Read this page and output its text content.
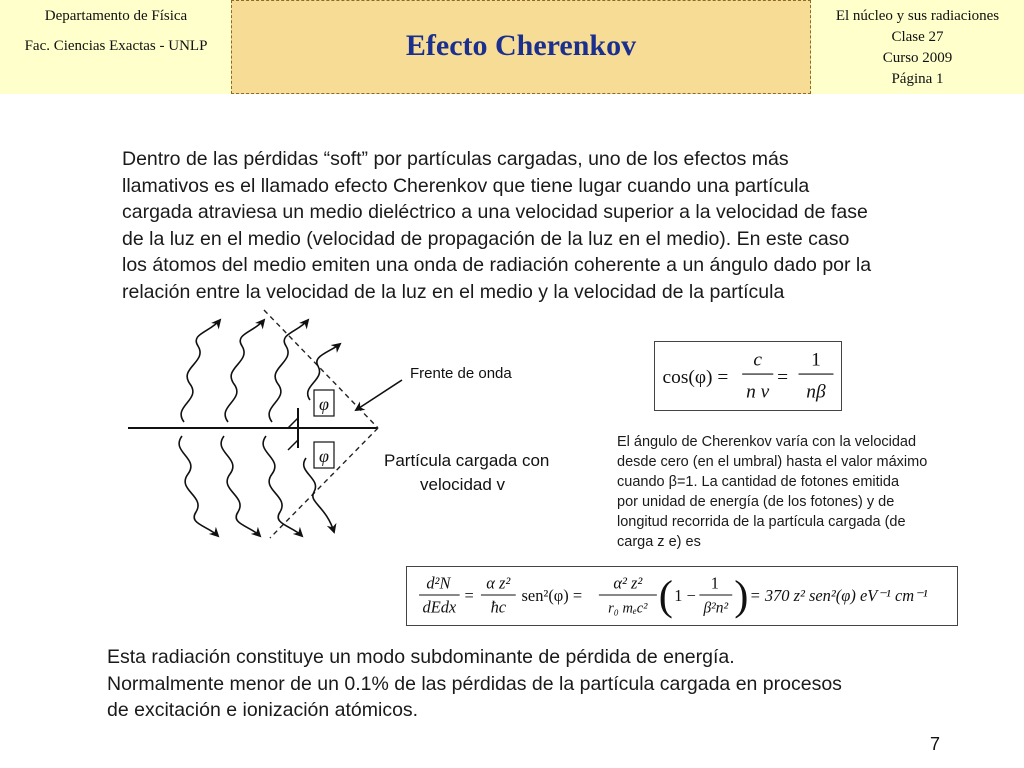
Departamento de Física
Fac. Ciencias Exactas - UNLP	Efecto Cherenkov
El núcleo y sus radiaciones
Clase 27
Curso 2009
Página 1
Dentro de las pérdidas “soft” por partículas cargadas, uno de los efectos más
llamativos es el llamado efecto Cherenkov que tiene lugar cuando una partícula
cargada atraviesa un medio dieléctrico a una velocidad superior a la velocidad de fase
de la luz en el medio (velocidad de propagación de la luz en el medio). En este caso
los átomos del medio emiten una onda de radiación coherente a un ángulo dado por la
relación entre la velocidad de la luz en el medio y la velocidad de la partícula
φ
φ
Frente de onda
Partícula cargada con
velocidad v
cos(φ) =
c
n v
=
1
nβ
El ángulo de Cherenkov varía con la velocidad
desde cero (en el umbral) hasta el valor máximo
cuando β=1. La cantidad de fotones emitida
por unidad de energía (de los fotones) y de
longitud recorrida de la partícula cargada (de
carga z e) es
d²N
dEdx
=
α z²
ħc
sen²(φ) =
α² z²
r₀ mₑc² ( 1 −
1
β²n² ) = 370 z² sen²(φ) eV⁻¹ cm⁻¹
Esta radiación constituye un modo subdominante de pérdida de energía.
Normalmente menor de un 0.1% de las pérdidas de la partícula cargada en procesos
de excitación e ionización atómicos.
7
